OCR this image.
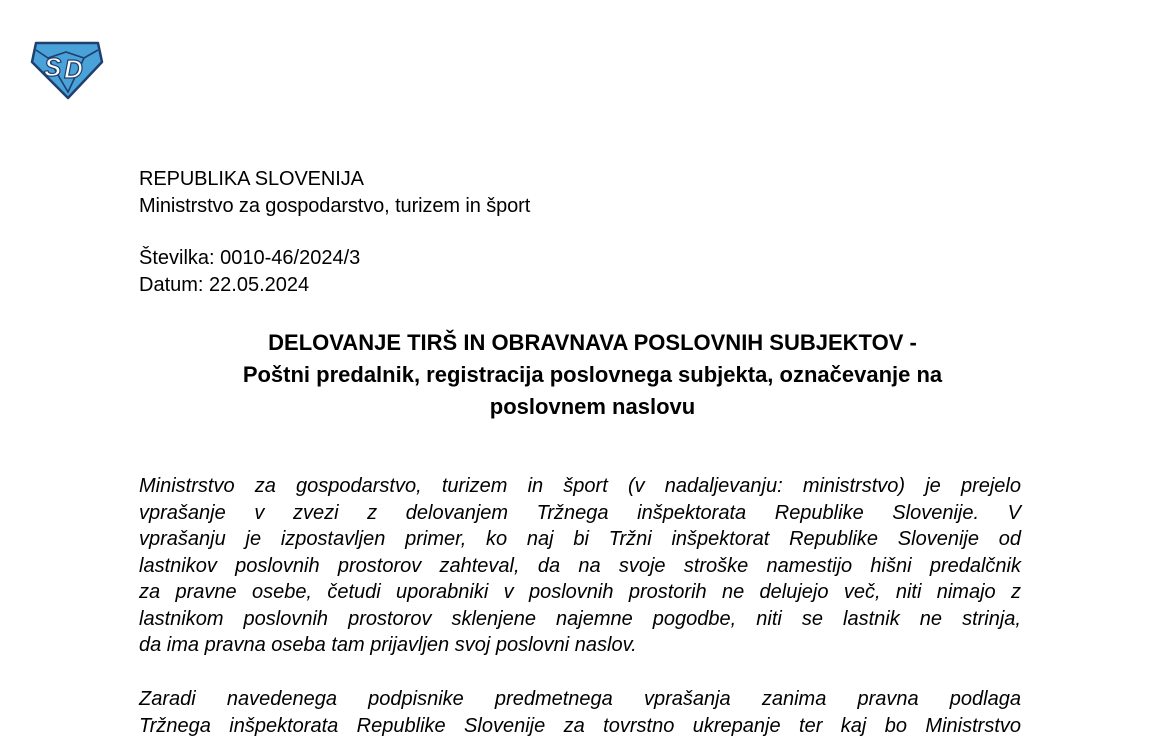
S D
REPUBLIKA SLOVENIJA
Ministrstvo za gospodarstvo, turizem in šport
Številka: 0010-46/2024/3
Datum: 22.05.2024
DELOVANJE TIRŠ IN OBRAVNAVA POSLOVNIH SUBJEKTOV -
Poštni predalnik, registracija poslovnega subjekta, označevanje na
poslovnem naslovu
Ministrstvo za gospodarstvo, turizem in šport (v nadaljevanju: ministrstvo) je prejelo
vprašanje v zvezi z delovanjem Tržnega inšpektorata Republike Slovenije. V
vprašanju je izpostavljen primer, ko naj bi Tržni inšpektorat Republike Slovenije od
lastnikov poslovnih prostorov zahteval, da na svoje stroške namestijo hišni predalčnik
za pravne osebe, četudi uporabniki v poslovnih prostorih ne delujejo več, niti nimajo z
lastnikom poslovnih prostorov sklenjene najemne pogodbe, niti se lastnik ne strinja,
da ima pravna oseba tam prijavljen svoj poslovni naslov.
Zaradi navedenega podpisnike predmetnega vprašanja zanima pravna podlaga
Tržnega inšpektorata Republike Slovenije za tovrstno ukrepanje ter kaj bo Ministrstvo
